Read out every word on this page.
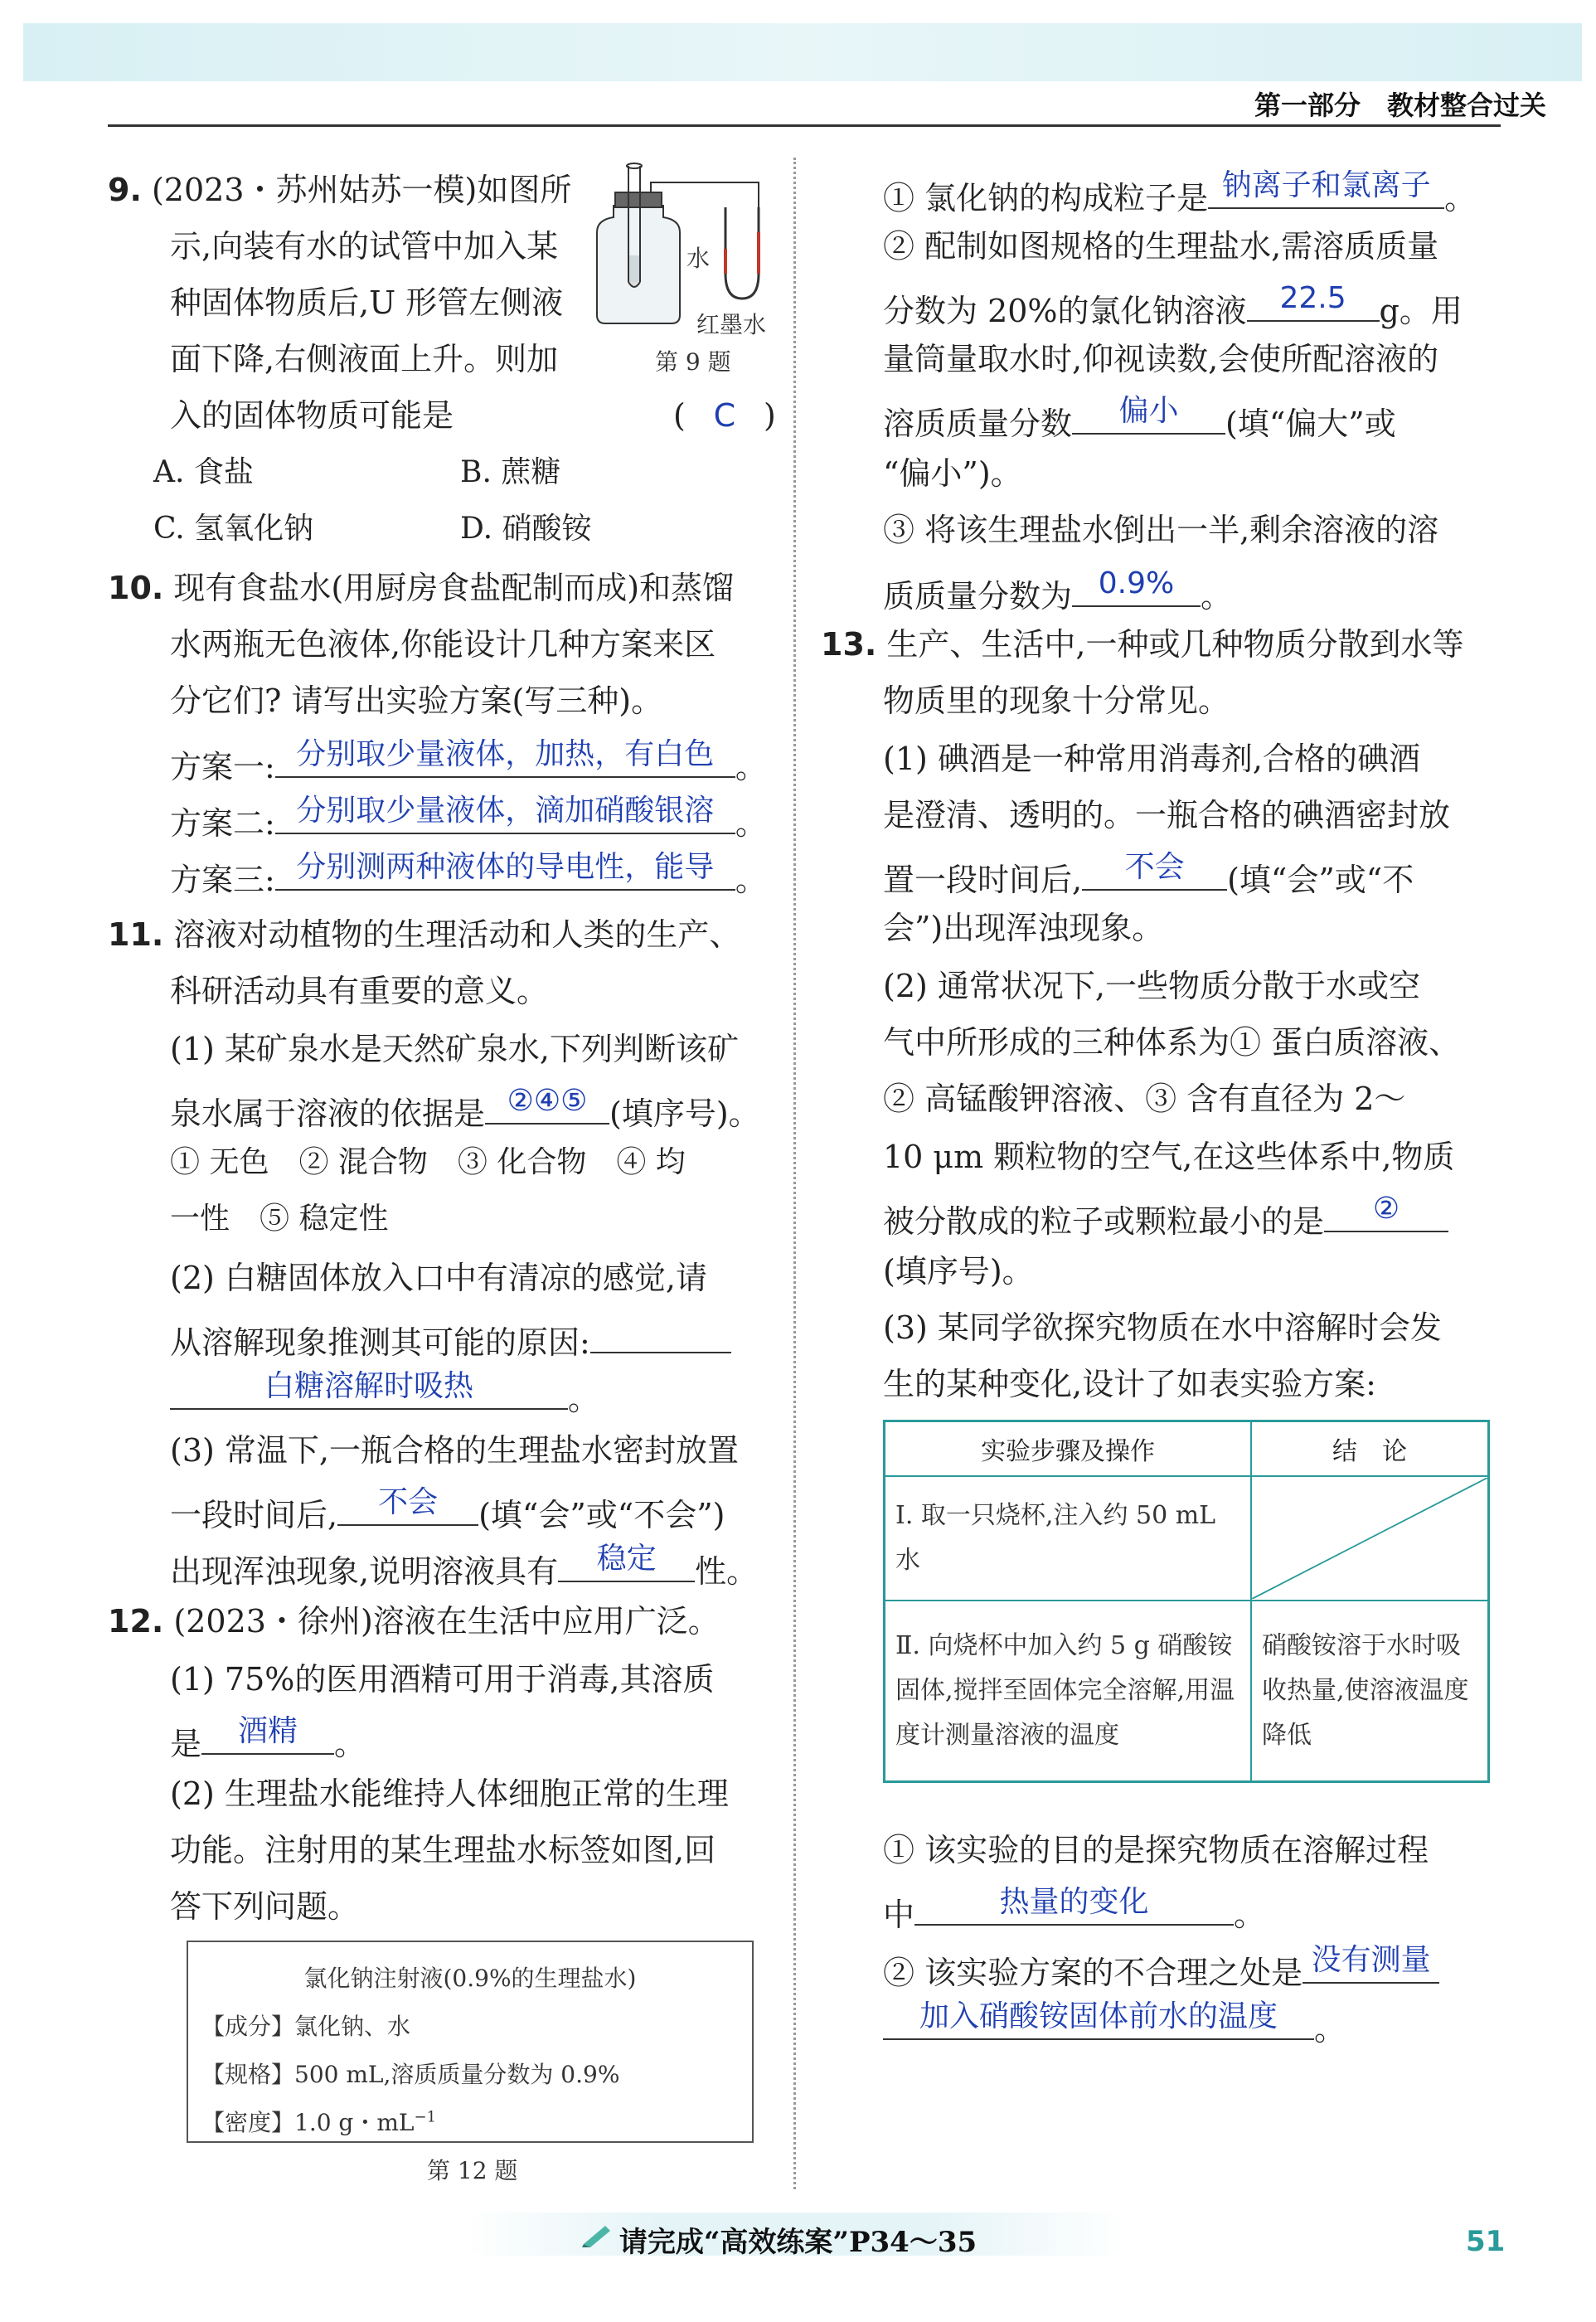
第一部分　教材整合过关
9. (2023・苏州姑苏一模)如图所
示,向装有水的试管中加入某
种固体物质后,U 形管左侧液
面下降,右侧液面上升。则加
入的固体物质可能是	( C )
A. 食盐	B. 蔗糖
C. 氢氧化钠	D. 硝酸铵
水
红墨水
第 9 题
10. 现有食盐水(用厨房食盐配制而成)和蒸馏
水两瓶无色液体,你能设计几种方案来区
分它们? 请写出实验方案(写三种)。
方案一: 分别取少量液体，加热，有白色 。
方案二: 分别取少量液体，滴加硝酸银溶 。
方案三: 分别测两种液体的导电性，能导 。
11. 溶液对动植物的生理活动和人类的生产、
科研活动具有重要的意义。
(1) 某矿泉水是天然矿泉水,下列判断该矿
泉水属于溶液的依据是 ②④⑤ (填序号)。
① 无色　② 混合物　③ 化合物　④ 均
一性　⑤ 稳定性
(2) 白糖固体放入口中有清凉的感觉,请
从溶解现象推测其可能的原因:
白糖溶解时吸热	。
(3) 常温下,一瓶合格的生理盐水密封放置
一段时间后,	不会	(填“会”或“不会”)
出现浑浊现象,说明溶液具有	稳定	性。
12. (2023・徐州)溶液在生活中应用广泛。
(1) 75%的医用酒精可用于消毒,其溶质
是	酒精	。
(2) 生理盐水能维持人体细胞正常的生理
功能。注射用的某生理盐水标签如图,回
答下列问题。
氯化钠注射液(0.9%的生理盐水)
【成分】氯化钠、水
【规格】500 mL,溶质质量分数为 0.9%
【密度】1.0 g・$mL^{-1}$
第 12 题
① 氯化钠的构成粒子是 钠离子和氯离子 。
② 配制如图规格的生理盐水,需溶质质量
分数为 20%的氯化钠溶液	22.5	g。用
量筒量取水时,仰视读数,会使所配溶液的
溶质质量分数	偏小	(填“偏大”或
“偏小”)。
③ 将该生理盐水倒出一半,剩余溶液的溶
质质量分数为 0.9% 。
13. 生产、生活中,一种或几种物质分散到水等
物质里的现象十分常见。
(1) 碘酒是一种常用消毒剂,合格的碘酒
是澄清、透明的。一瓶合格的碘酒密封放
置一段时间后,	不会	(填“会”或“不
会”)出现浑浊现象。
(2) 通常状况下,一些物质分散于水或空
气中所形成的三种体系为① 蛋白质溶液、
② 高锰酸钾溶液、③ 含有直径为 2～
10 μm 颗粒物的空气,在这些体系中,物质
被分散成的粒子或颗粒最小的是	②
(填序号)。
(3) 某同学欲探究物质在水中溶解时会发
生的某种变化,设计了如表实验方案:
实验步骤及操作	结　论
Ⅰ. 取一只烧杯,注入约 50 mL 水	

Ⅱ. 向烧杯中加入约 5 g 硝酸铵固体,搅拌至固体完全溶解,用温度计测量溶液的温度	硝酸铵溶于水时吸收热量,使溶液温度降低
① 该实验的目的是探究物质在溶解过程
中	热量的变化	。
② 该实验方案的不合理之处是 没有测量
加入硝酸铵固体前水的温度	。
请完成“高效练案”P34～35	51
